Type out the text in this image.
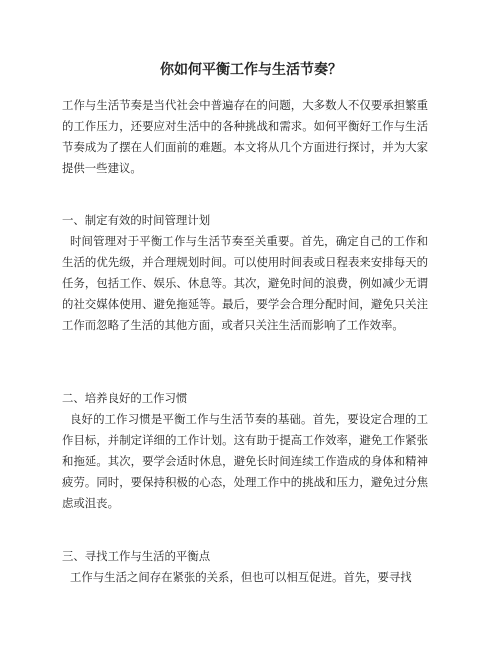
你如何平衡工作与生活节奏？

工作与生活节奏是当代社会中普遍存在的问题，大多数人不仅要承担繁重的工作压力，还要应对生活中的各种挑战和需求。如何平衡好工作与生活节奏成为了摆在人们面前的难题。本文将从几个方面进行探讨，并为大家提供一些建议。

一、制定有效的时间管理计划

时间管理对于平衡工作与生活节奏至关重要。首先，确定自己的工作和生活的优先级，并合理规划时间。可以使用时间表或日程表来安排每天的任务，包括工作、娱乐、休息等。其次，避免时间的浪费，例如减少无谓的社交媒体使用、避免拖延等。最后，要学会合理分配时间，避免只关注工作而忽略了生活的其他方面，或者只关注生活而影响了工作效率。

二、培养良好的工作习惯

良好的工作习惯是平衡工作与生活节奏的基础。首先，要设定合理的工作目标，并制定详细的工作计划。这有助于提高工作效率，避免工作紧张和拖延。其次，要学会适时休息，避免长时间连续工作造成的身体和精神疲劳。同时，要保持积极的心态，处理工作中的挑战和压力，避免过分焦虑或沮丧。

三、寻找工作与生活的平衡点

工作与生活之间存在紧张的关系，但也可以相互促进。首先，要寻找
